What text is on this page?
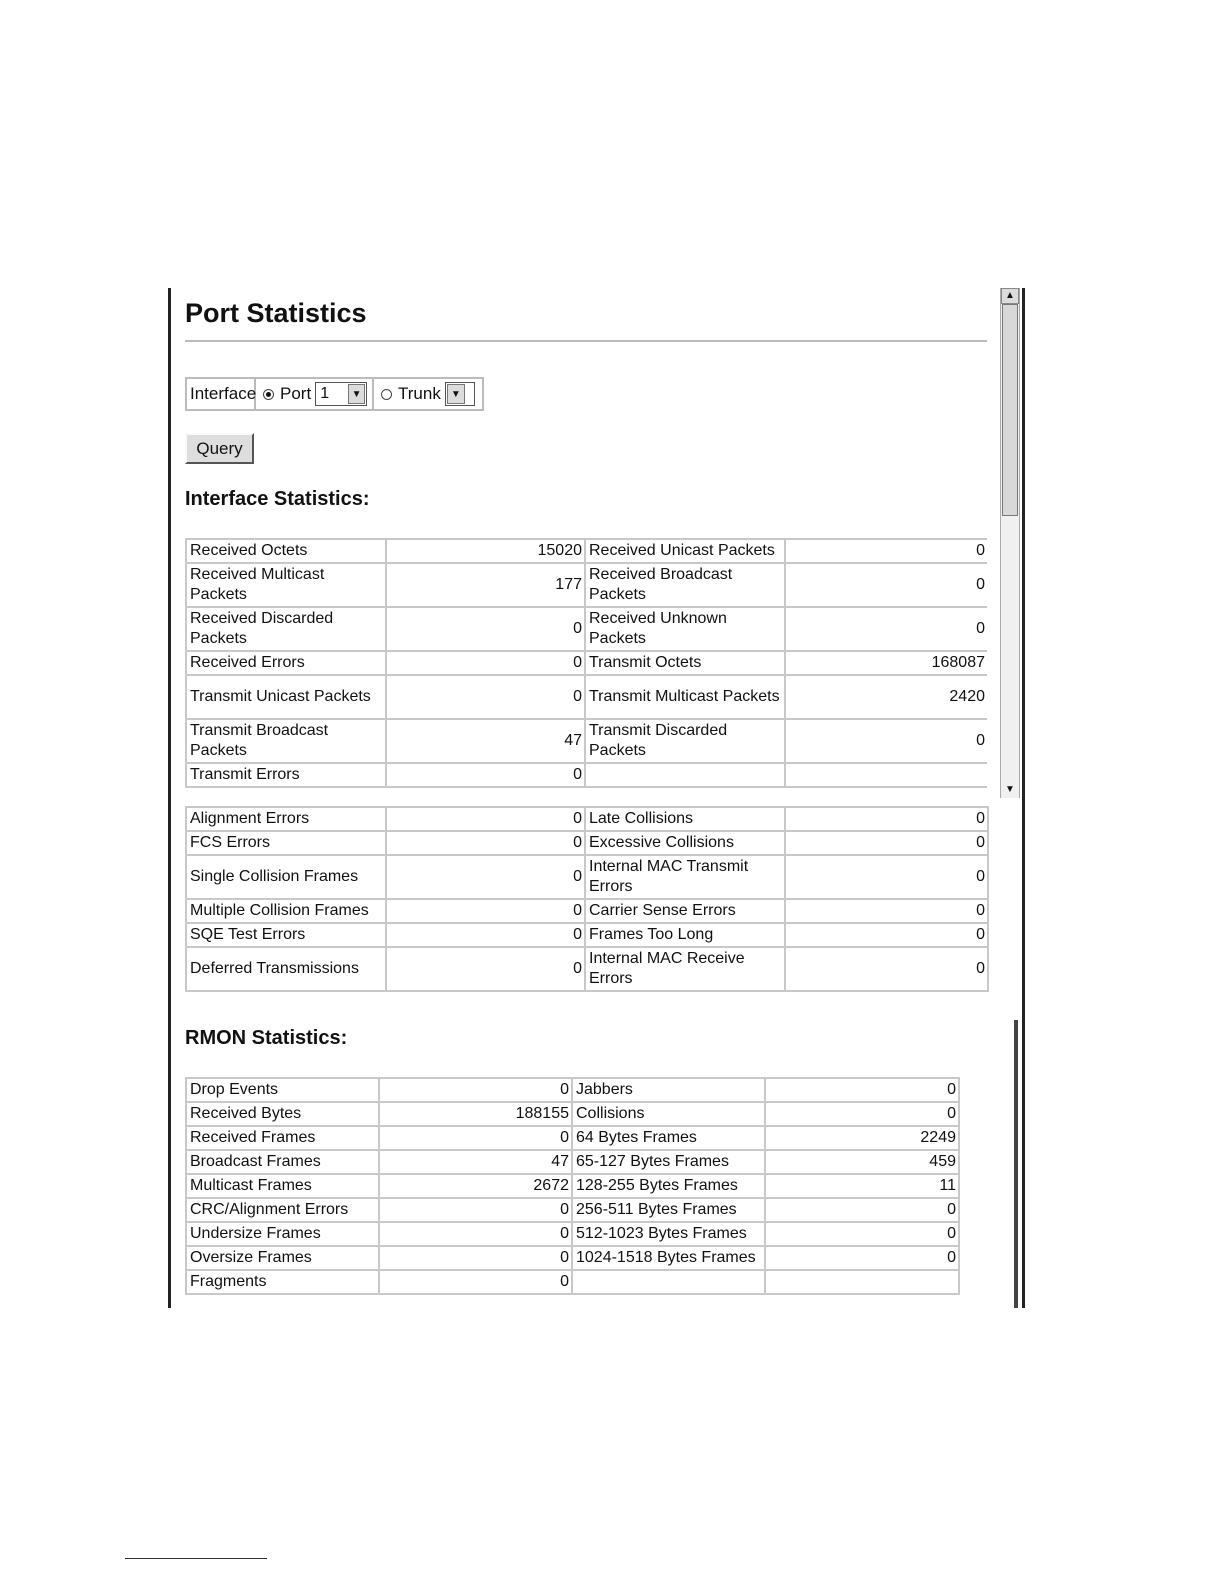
▲
▼
Port Statistics
Interface Port 1	▼ Trunk	▼
Query
Interface Statistics:
Received Octets	15020	Received Unicast Packets	0
Received Multicast Packets	177	Received Broadcast Packets	0
Received Discarded Packets	0	Received Unknown Packets	0
Received Errors	0	Transmit Octets	168087
Transmit Unicast Packets	0	Transmit Multicast Packets	2420
Transmit Broadcast Packets	47	Transmit Discarded Packets	0
Transmit Errors	0		
Alignment Errors	0	Late Collisions	0
FCS Errors	0	Excessive Collisions	0
Single Collision Frames	0	Internal MAC Transmit Errors	0
Multiple Collision Frames	0	Carrier Sense Errors	0
SQE Test Errors	0	Frames Too Long	0
Deferred Transmissions	0	Internal MAC Receive Errors	0
RMON Statistics:
Drop Events	0	Jabbers	0
Received Bytes	188155	Collisions	0
Received Frames	0	64 Bytes Frames	2249
Broadcast Frames	47	65-127 Bytes Frames	459
Multicast Frames	2672	128-255 Bytes Frames	11
CRC/Alignment Errors	0	256-511 Bytes Frames	0
Undersize Frames	0	512-1023 Bytes Frames	0
Oversize Frames	0	1024-1518 Bytes Frames	0
Fragments	0		
